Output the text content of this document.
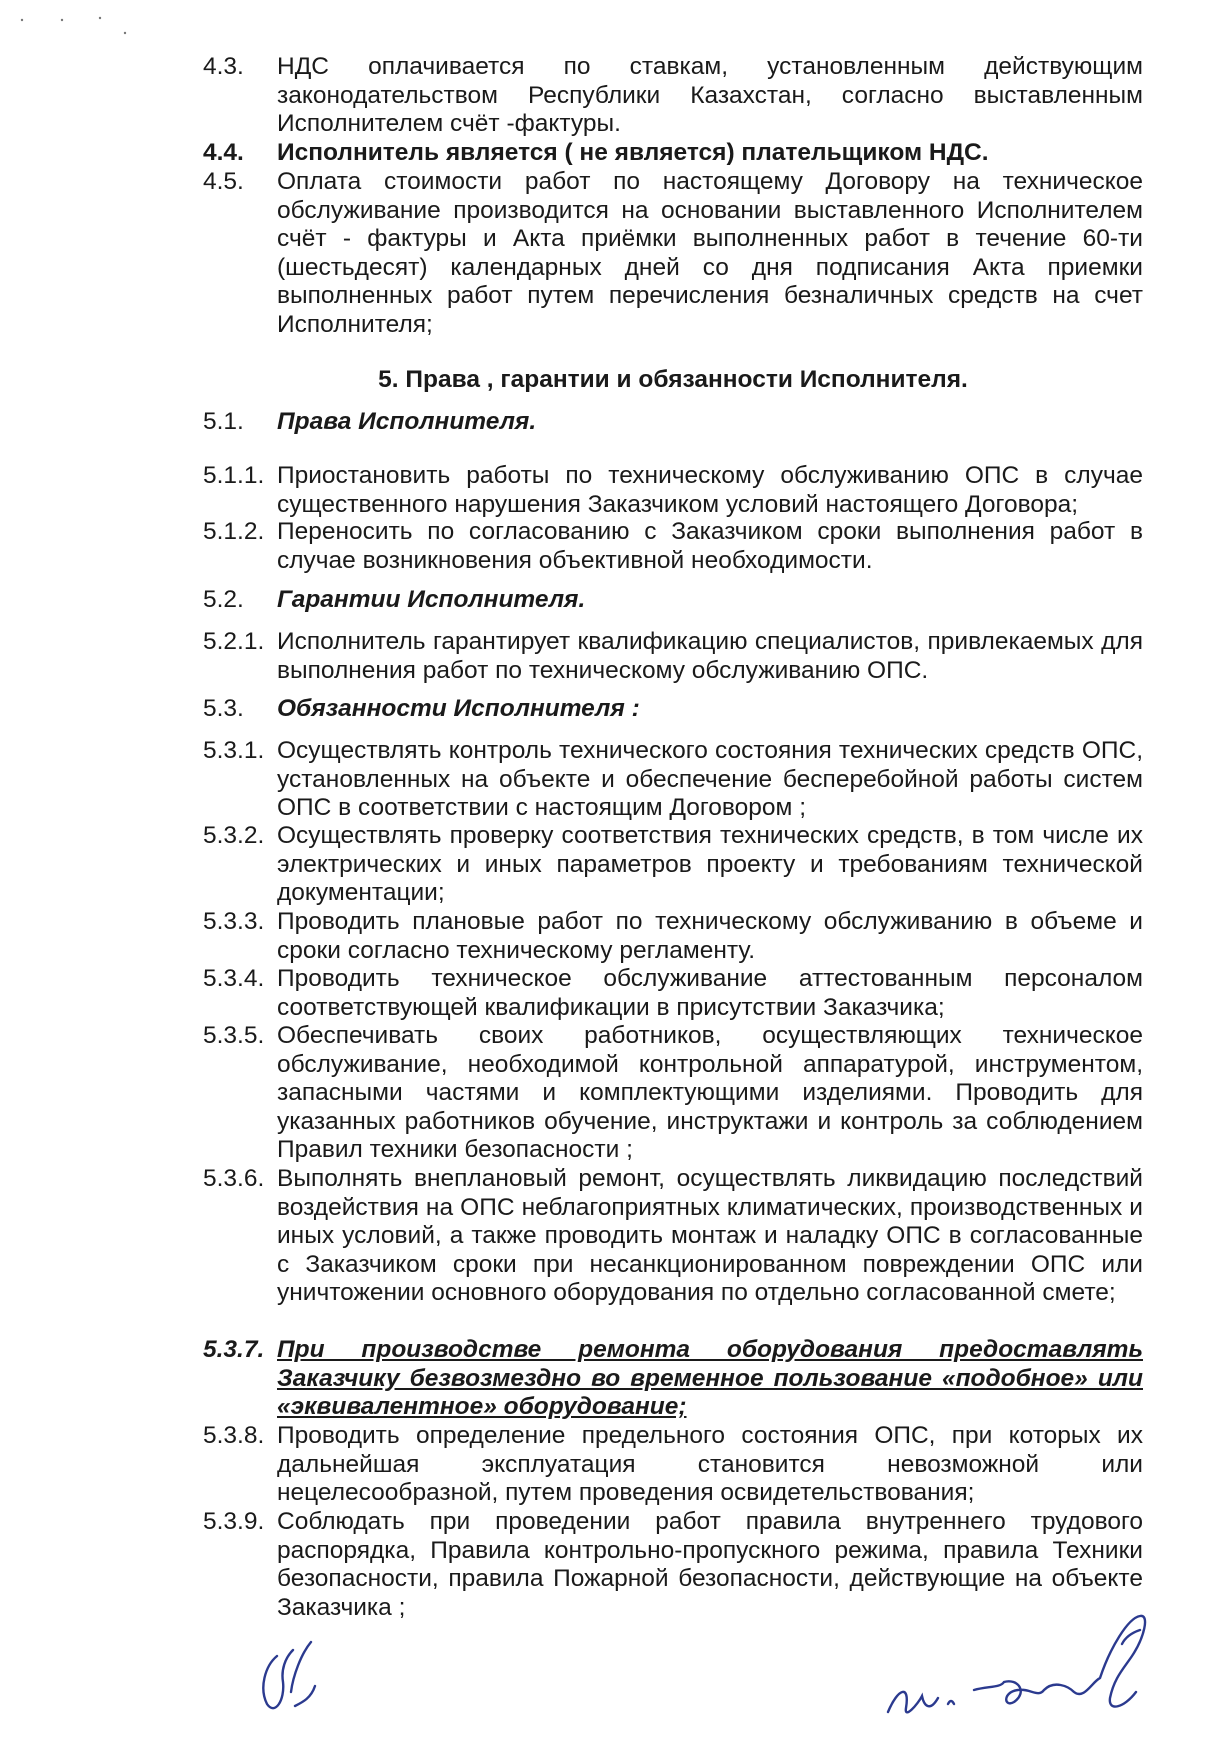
4.3. НДС оплачивается по ставкам, установленным действующим законодательством Республики Казахстан, согласно выставленным Исполнителем счёт -фактуры.
4.4. Исполнитель является ( не является) плательщиком НДС.
4.5. Оплата стоимости работ по настоящему Договору на техническое обслуживание производится на основании выставленного Исполнителем счёт - фактуры и Акта приёмки выполненных работ в течение 60-ти (шестьдесят) календарных дней со дня подписания Акта приемки выполненных работ путем перечисления безналичных средств на счет Исполнителя;
5. Права , гарантии и обязанности Исполнителя.
5.1. Права Исполнителя.
5.1.1. Приостановить работы по техническому обслуживанию ОПС в случае существенного нарушения Заказчиком условий настоящего Договора;
5.1.2. Переносить по согласованию с Заказчиком сроки выполнения работ в случае возникновения объективной необходимости.
5.2. Гарантии Исполнителя.
5.2.1. Исполнитель гарантирует квалификацию специалистов, привлекаемых для выполнения работ по техническому обслуживанию ОПС.
5.3. Обязанности Исполнителя :
5.3.1. Осуществлять контроль технического состояния технических средств ОПС, установленных на объекте и обеспечение бесперебойной работы систем ОПС в соответствии с настоящим Договором ;
5.3.2. Осуществлять проверку соответствия технических средств, в том числе их электрических и иных параметров проекту и требованиям технической документации;
5.3.3. Проводить плановые работ по техническому обслуживанию в объеме и сроки согласно техническому регламенту.
5.3.4. Проводить техническое обслуживание аттестованным персоналом соответствующей квалификации в присутствии Заказчика;
5.3.5. Обеспечивать своих работников, осуществляющих техническое обслуживание, необходимой контрольной аппаратурой, инструментом, запасными частями и комплектующими изделиями. Проводить для указанных работников обучение, инструктажи и контроль за соблюдением Правил техники безопасности ;
5.3.6. Выполнять внеплановый ремонт, осуществлять ликвидацию последствий воздействия на ОПС неблагоприятных климатических, производственных и иных условий, а также проводить монтаж и наладку ОПС в согласованные с Заказчиком сроки при несанкционированном повреждении ОПС или уничтожении основного оборудования по отдельно согласованной смете;
5.3.7. При производстве ремонта оборудования предоставлять Заказчику безвозмездно во временное пользование «подобное» или «эквивалентное» оборудование;
5.3.8. Проводить определение предельного состояния ОПС, при которых их дальнейшая эксплуатация становится невозможной или нецелесообразной, путем проведения освидетельствования;
5.3.9. Соблюдать при проведении работ правила внутреннего трудового распорядка, Правила контрольно-пропускного режима, правила Техники безопасности, правила Пожарной безопасности, действующие на объекте Заказчика ;
